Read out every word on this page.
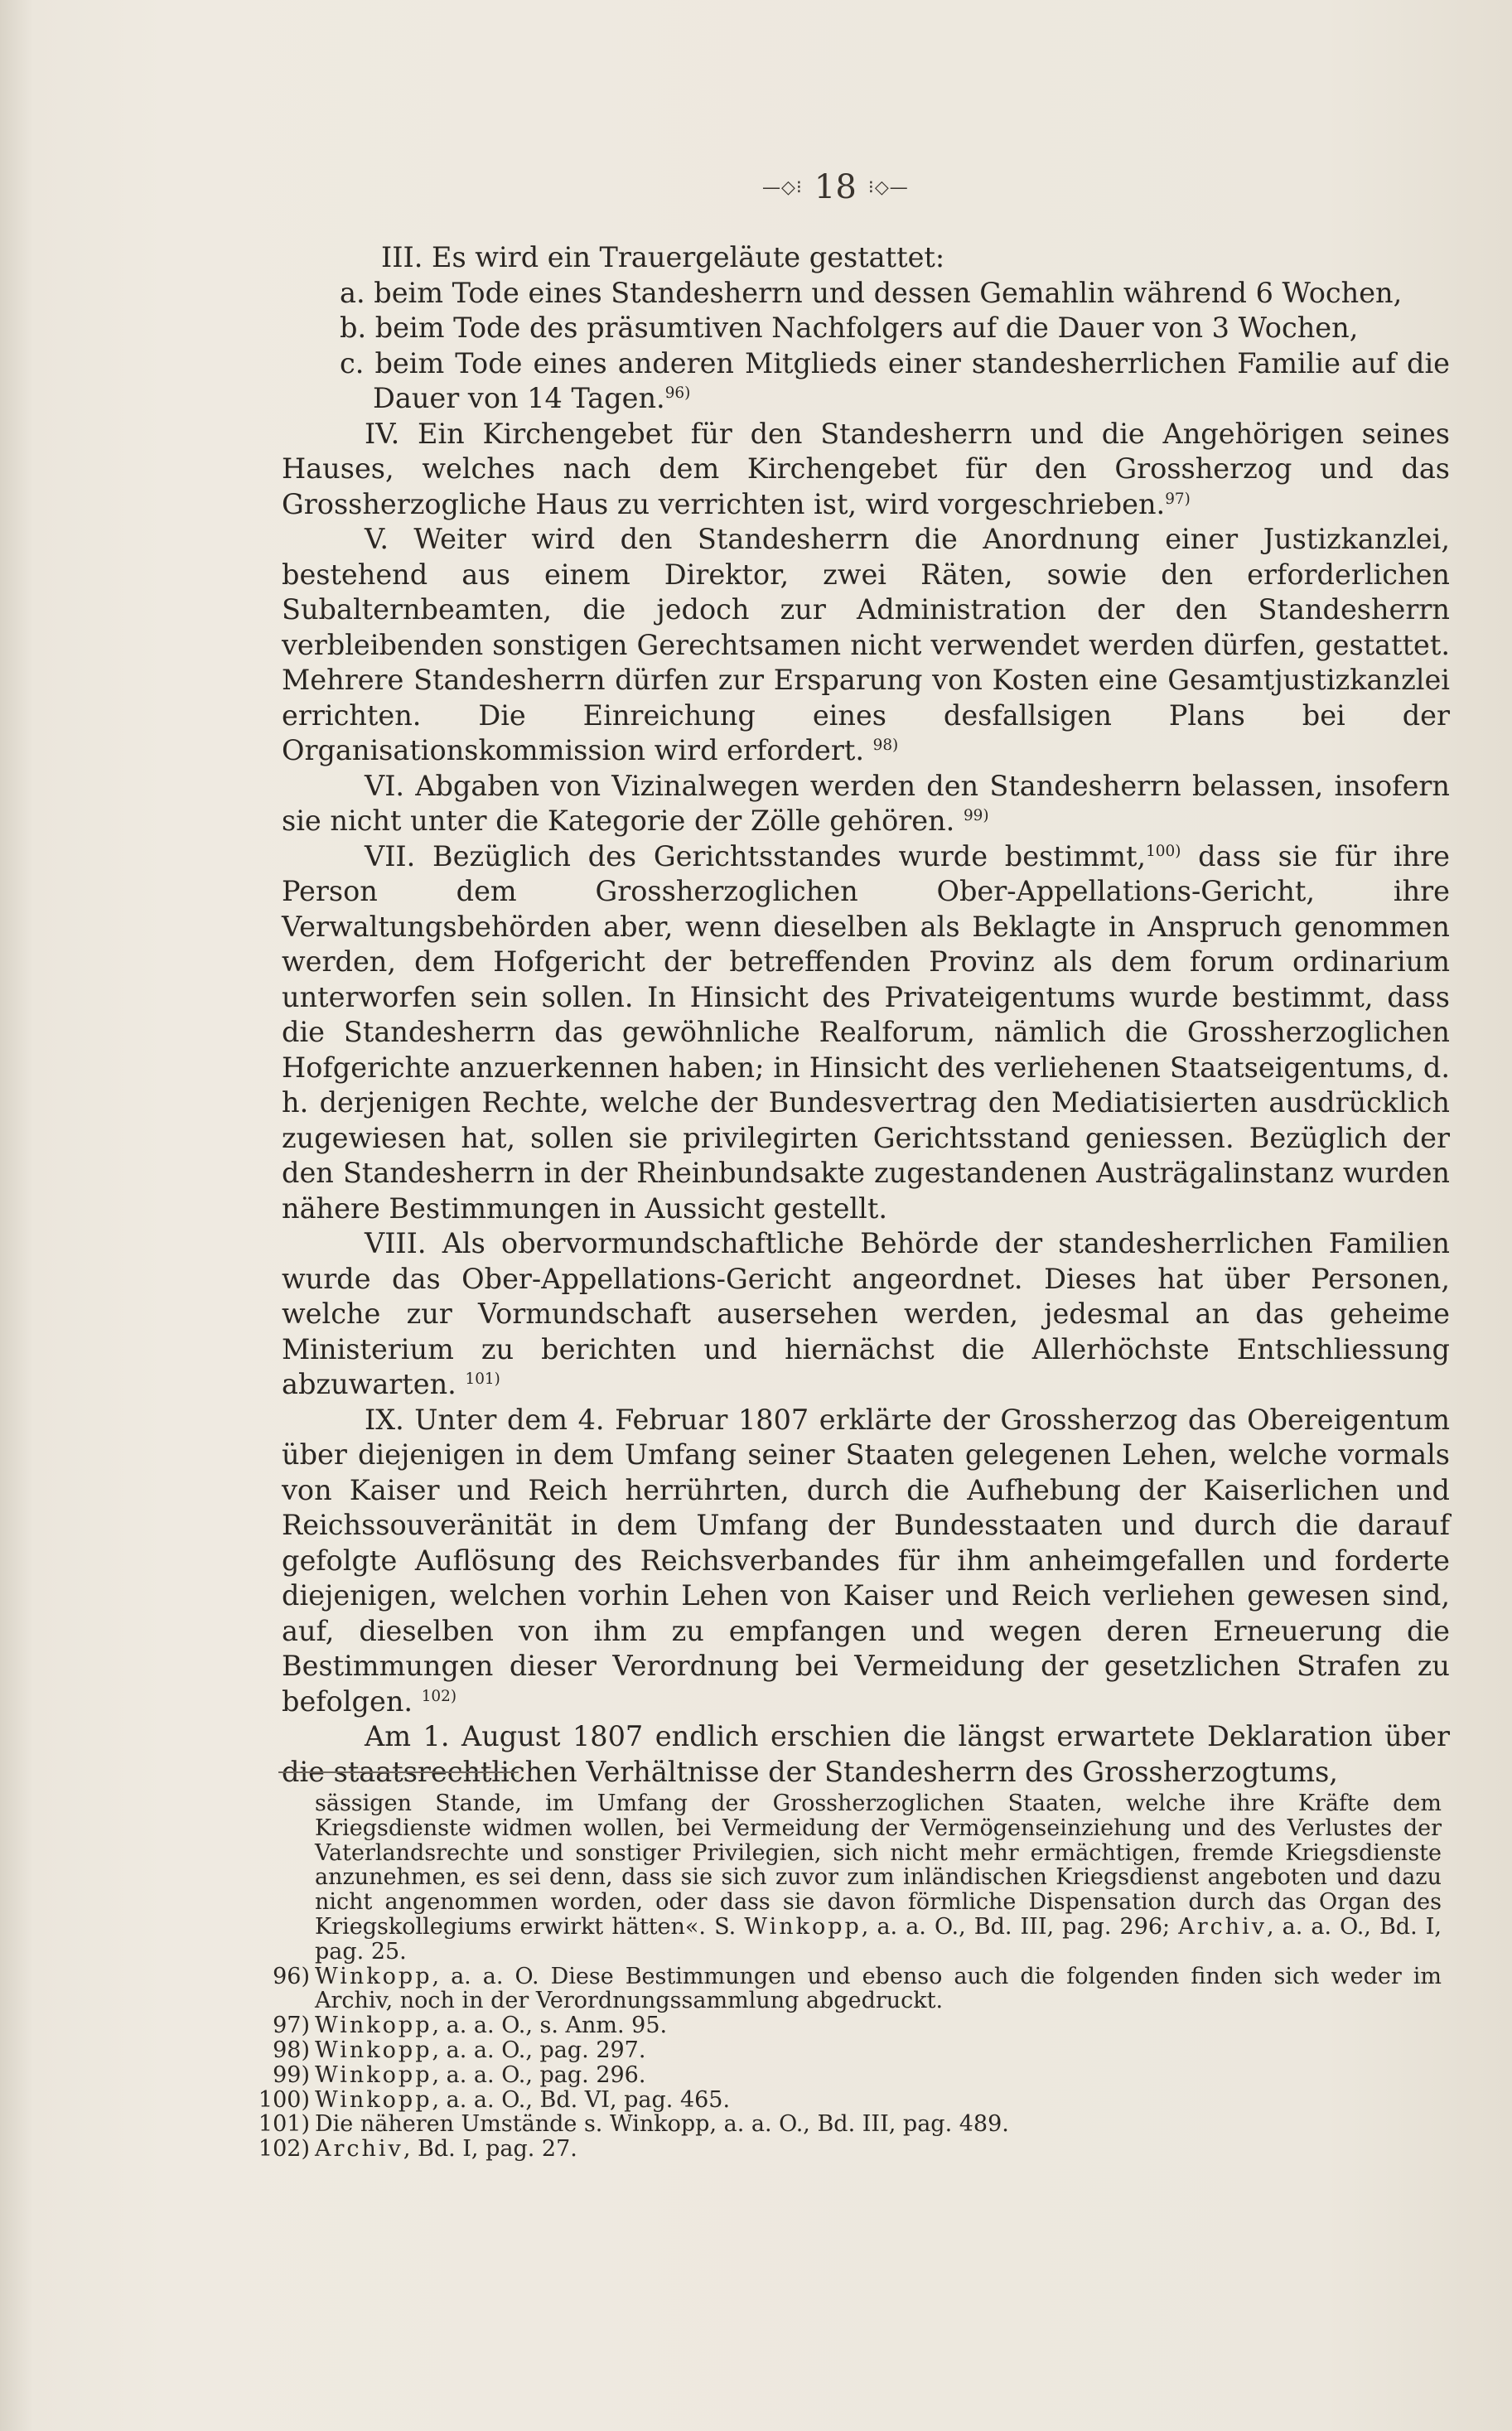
—◇⁝ 18 ⁝◇—

III. Es wird ein Trauergeläute gestattet:

a. beim Tode eines Standesherrn und dessen Gemahlin während 6 Wochen,

b. beim Tode des präsumtiven Nachfolgers auf die Dauer von 3 Wochen,

c. beim Tode eines anderen Mitglieds einer standesherrlichen Familie auf die Dauer von 14 Tagen.$^{96)}$

IV. Ein Kirchengebet für den Standesherrn und die Angehörigen seines Hauses, welches nach dem Kirchengebet für den Grossherzog und das Grossherzogliche Haus zu verrichten ist, wird vorgeschrieben.$^{97)}$

V. Weiter wird den Standesherrn die Anordnung einer Justizkanzlei, bestehend aus einem Direktor, zwei Räten, sowie den erforderlichen Subalternbeamten, die jedoch zur Administration der den Standesherrn verbleibenden sonstigen Gerechtsamen nicht verwendet werden dürfen, gestattet. Mehrere Standesherrn dürfen zur Ersparung von Kosten eine Gesamtjustizkanzlei errichten. Die Einreichung eines desfallsigen Plans bei der Organisationskommission wird erfordert. $^{98)}$

VI. Abgaben von Vizinalwegen werden den Standesherrn belassen, insofern sie nicht unter die Kategorie der Zölle gehören. $^{99)}$

VII. Bezüglich des Gerichtsstandes wurde bestimmt,$^{100)}$ dass sie für ihre Person dem Grossherzoglichen Ober-Appellations-Gericht, ihre Verwaltungsbehörden aber, wenn dieselben als Beklagte in Anspruch genommen werden, dem Hofgericht der betreffenden Provinz als dem forum ordinarium unterworfen sein sollen. In Hinsicht des Privateigentums wurde bestimmt, dass die Standesherrn das gewöhnliche Realforum, nämlich die Grossherzoglichen Hofgerichte anzuerkennen haben; in Hinsicht des verliehenen Staatseigentums, d. h. derjenigen Rechte, welche der Bundesvertrag den Mediatisierten ausdrücklich zugewiesen hat, sollen sie privilegirten Gerichtsstand geniessen. Bezüglich der den Standesherrn in der Rheinbundsakte zugestandenen Austrägalinstanz wurden nähere Bestimmungen in Aussicht gestellt.

VIII. Als obervormundschaftliche Behörde der standesherrlichen Familien wurde das Ober-Appellations-Gericht angeordnet. Dieses hat über Personen, welche zur Vormundschaft ausersehen werden, jedesmal an das geheime Ministerium zu berichten und hiernächst die Allerhöchste Entschliessung abzuwarten. $^{101)}$

IX. Unter dem 4. Februar 1807 erklärte der Grossherzog das Obereigentum über diejenigen in dem Umfang seiner Staaten gelegenen Lehen, welche vormals von Kaiser und Reich herrührten, durch die Aufhebung der Kaiserlichen und Reichssouveränität in dem Umfang der Bundesstaaten und durch die darauf gefolgte Auflösung des Reichsverbandes für ihm anheimgefallen und forderte diejenigen, welchen vorhin Lehen von Kaiser und Reich verliehen gewesen sind, auf, dieselben von ihm zu empfangen und wegen deren Erneuerung die Bestimmungen dieser Verordnung bei Vermeidung der gesetzlichen Strafen zu befolgen. $^{102)}$

Am 1. August 1807 endlich erschien die längst erwartete Deklaration über die staatsrechtlichen Verhältnisse der Standesherrn des Grossherzogtums,

sässigen Stande, im Umfang der Grossherzoglichen Staaten, welche ihre Kräfte dem Kriegsdienste widmen wollen, bei Vermeidung der Vermögenseinziehung und des Verlustes der Vaterlandsrechte und sonstiger Privilegien, sich nicht mehr ermächtigen, fremde Kriegsdienste anzunehmen, es sei denn, dass sie sich zuvor zum inländischen Kriegsdienst angeboten und dazu nicht angenommen worden, oder dass sie davon förmliche Dispensation durch das Organ des Kriegskollegiums erwirkt hätten«. S. Winkopp, a. a. O., Bd. III, pag. 296; Archiv, a. a. O., Bd. I, pag. 25.

96) Winkopp, a. a. O. Diese Bestimmungen und ebenso auch die folgenden finden sich weder im Archiv, noch in der Verordnungssammlung abgedruckt.

97) Winkopp, a. a. O., s. Anm. 95.

98) Winkopp, a. a. O., pag. 297.

99) Winkopp, a. a. O., pag. 296.

100) Winkopp, a. a. O., Bd. VI, pag. 465.

101) Die näheren Umstände s. Winkopp, a. a. O., Bd. III, pag. 489.

102) Archiv, Bd. I, pag. 27.
